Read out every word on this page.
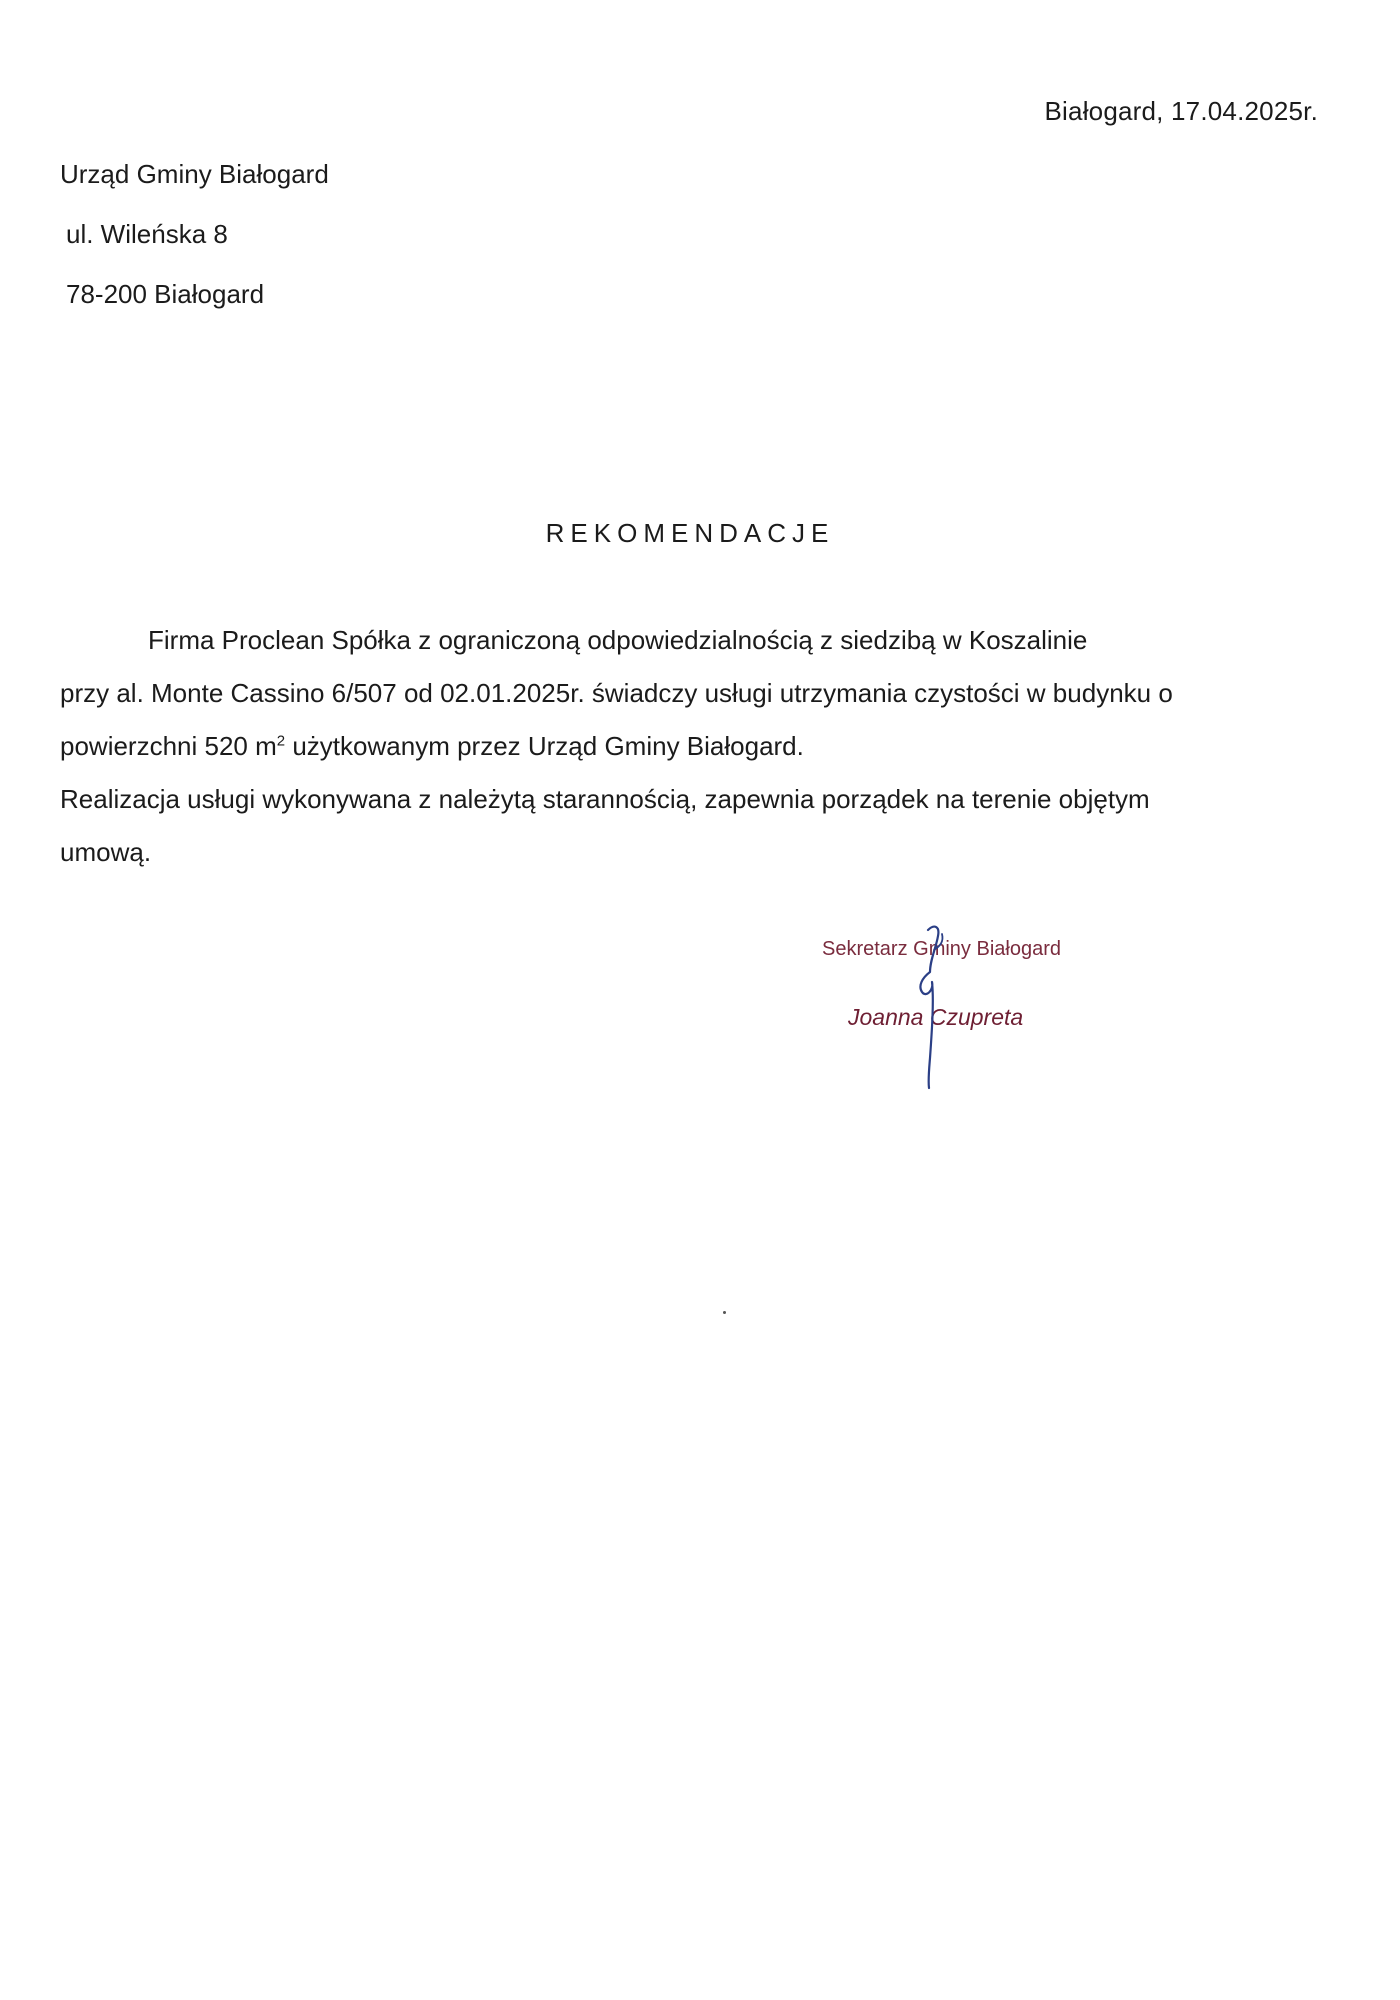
Białogard, 17.04.2025r.
Urząd Gminy Białogard
ul. Wileńska 8
78-200 Białogard
REKOMENDACJE
Firma Proclean Spółka z ograniczoną odpowiedzialnością z siedzibą w Koszalinie
przy al. Monte Cassino 6/507 od 02.01.2025r. świadczy usługi utrzymania czystości w budynku o
powierzchni 520 $m^2$ użytkowanym przez Urząd Gminy Białogard.
Realizacja usługi wykonywana z należytą starannością, zapewnia porządek na terenie objętym
umową.
Sekretarz Gminy Białogard
Joanna Czupreta
